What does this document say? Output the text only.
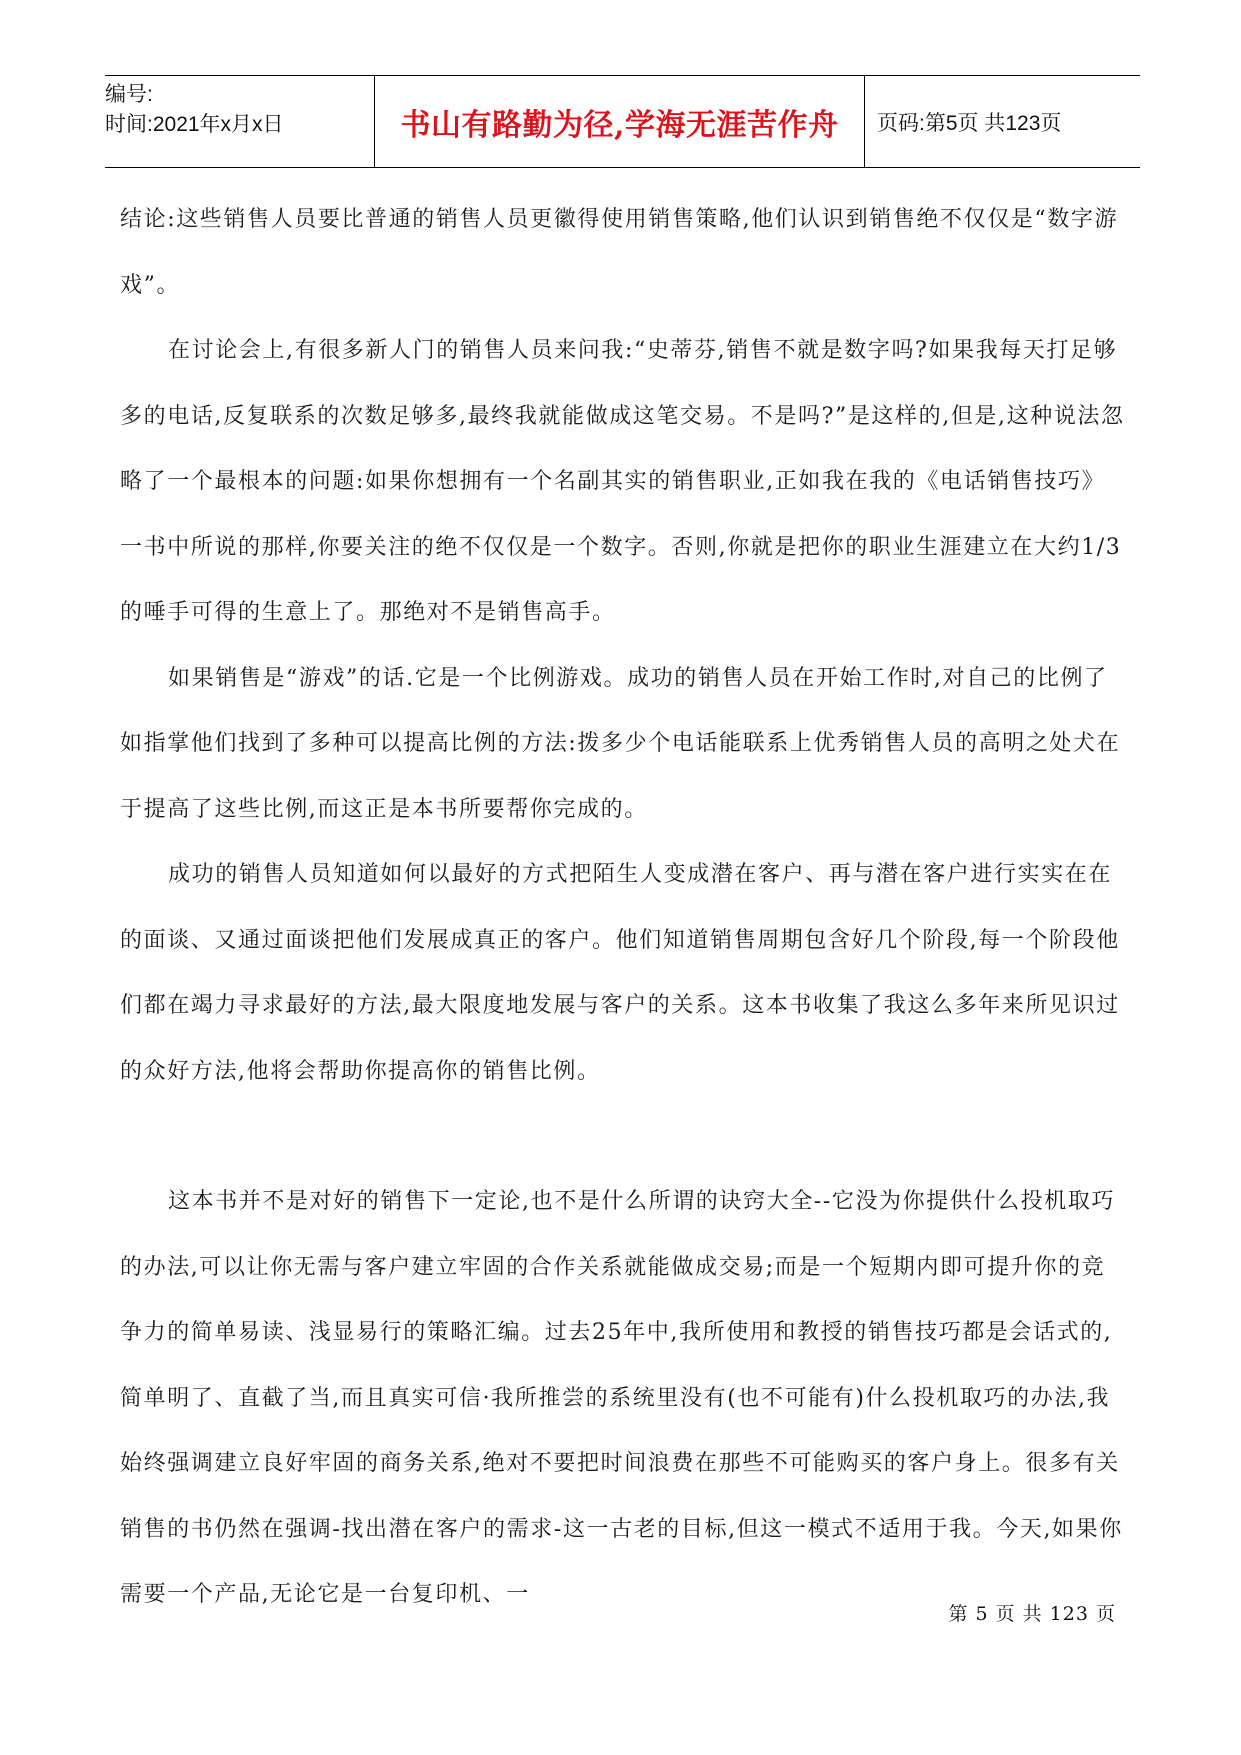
编号:
时间:2021年x月x日	书山有路勤为径,学海无涯苦作舟 页码:第5页 共123页

结论:这些销售人员要比普通的销售人员更徽得使用销售策略,他们认识到销售绝不仅仅是“数字游戏”。

在讨论会上,有很多新人门的销售人员来问我:“史蒂芬,销售不就是数字吗?如果我每天打足够多的电话,反复联系的次数足够多,最终我就能做成这笔交易。不是吗?”是这样的,但是,这种说法忽略了一个最根本的问题:如果你想拥有一个名副其实的销售职业,正如我在我的《电话销售技巧》一书中所说的那样,你要关注的绝不仅仅是一个数字。否则,你就是把你的职业生涯建立在大约1/3的唾手可得的生意上了。那绝对不是销售高手。

如果销售是“游戏”的话.它是一个比例游戏。成功的销售人员在开始工作时,对自己的比例了如指掌他们找到了多种可以提高比例的方法:拨多少个电话能联系上优秀销售人员的高明之处犬在于提高了这些比例,而这正是本书所要帮你完成的。

成功的销售人员知道如何以最好的方式把陌生人变成潜在客户、再与潜在客户进行实实在在的面谈、又通过面谈把他们发展成真正的客户。他们知道销售周期包含好几个阶段,每一个阶段他们都在竭力寻求最好的方法,最大限度地发展与客户的关系。这本书收集了我这么多年来所见识过的众好方法,他将会帮助你提高你的销售比例。

这本书并不是对好的销售下一定论,也不是什么所谓的诀窍大全--它没为你提供什么投机取巧的办法,可以让你无需与客户建立牢固的合作关系就能做成交易;而是一个短期内即可提升你的竞争力的简单易读、浅显易行的策略汇编。过去25年中,我所使用和教授的销售技巧都是会话式的,简单明了、直截了当,而且真实可信·我所推尝的系统里没有(也不可能有)什么投机取巧的办法,我始终强调建立良好牢固的商务关系,绝对不要把时间浪费在那些不可能购买的客户身上。很多有关销售的书仍然在强调-找出潜在客户的需求-这一古老的目标,但这一模式不适用于我。今天,如果你需要一个产品,无论它是一台复印机、一

第 5 页 共 123 页
